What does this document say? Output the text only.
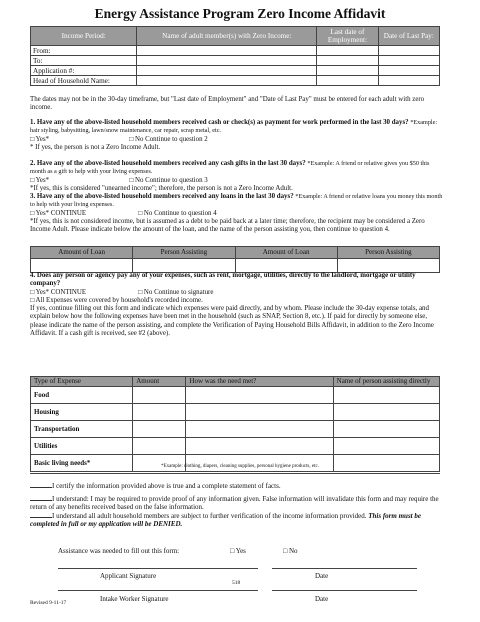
Energy Assistance Program Zero Income Affidavit
Income Period:	Name of adult member(s) with Zero Income:	Last date of Employment:	Date of Last Pay:
From:			
To:			
Application #:			
Head of Household Name:			

The dates may not be in the 30-day timeframe, but "Last date of Employment" and "Date of Last Pay" must be entered for each adult with zero income.

1. Have any of the above-listed household members received cash or check(s) as payment for work performed in the last 30 days? *Example: hair styling, babysitting, lawn/snow maintenance, car repair, scrap metal, etc.

□ Yes*	□ No Continue to question 2

* If yes, the person is not a Zero Income Adult.

2. Have any of the above-listed household members received any cash gifts in the last 30 days? *Example: A friend or relative gives you $50 this month as a gift to help with your living expenses.

□ Yes*	□ No Continue to question 3

*If yes, this is considered "unearned income"; therefore, the person is not a Zero Income Adult.

3. Have any of the above-listed household members received any loans in the last 30 days? *Example: A friend or relative loans you money this month to help with your living expenses.

□ Yes* CONTINUE	□ No Continue to question 4

*If yes, this is not considered income, but is assumed as a debt to be paid back at a later time; therefore, the recipient may be considered a Zero Income Adult. Please indicate below the amount of the loan, and the name of the person assisting you, then continue to question 4.

Amount of Loan	Person Assisting	Amount of Loan	Person Assisting

4. Does any person or agency pay any of your expenses, such as rent, mortgage, utilities, directly to the landlord, mortgage or utility company?

□ Yes* CONTINUE	□ No Continue to signature

□ All Expenses were covered by household's recorded income.

If yes, continue filling out this form and indicate which expenses were paid directly, and by whom. Please include the 30-day expense totals, and explain below how the following expenses have been met in the household (such as SNAP, Section 8, etc.). If paid for directly by someone else, please indicate the name of the person assisting, and complete the Verification of Paying Household Bills Affidavit, in addition to the Zero Income Affidavit. If a cash gift is received, see #2 (above).

Type of Expense	Amount	How was the need met?	Name of person assisting directly
Food			
Housing			
Transportation			
Utilities			
Basic living needs*				*Example: clothing, diapers, cleaning supplies, personal hygiene products, etc.

I certify the information provided above is true and a complete statement of facts.

I understand: I may be required to provide proof of any information given. False information will invalidate this form and may require the return of any benefits received based on the false information.

I understand all adult household members are subject to further verification of the income information provided. This form must be completed in full or my application will be DENIED.

Assistance was needed to fill out this form:	□ Yes	□ No
Applicant Signature	Date
Intake Worker Signature	Date
Revised 9-11-17
518
